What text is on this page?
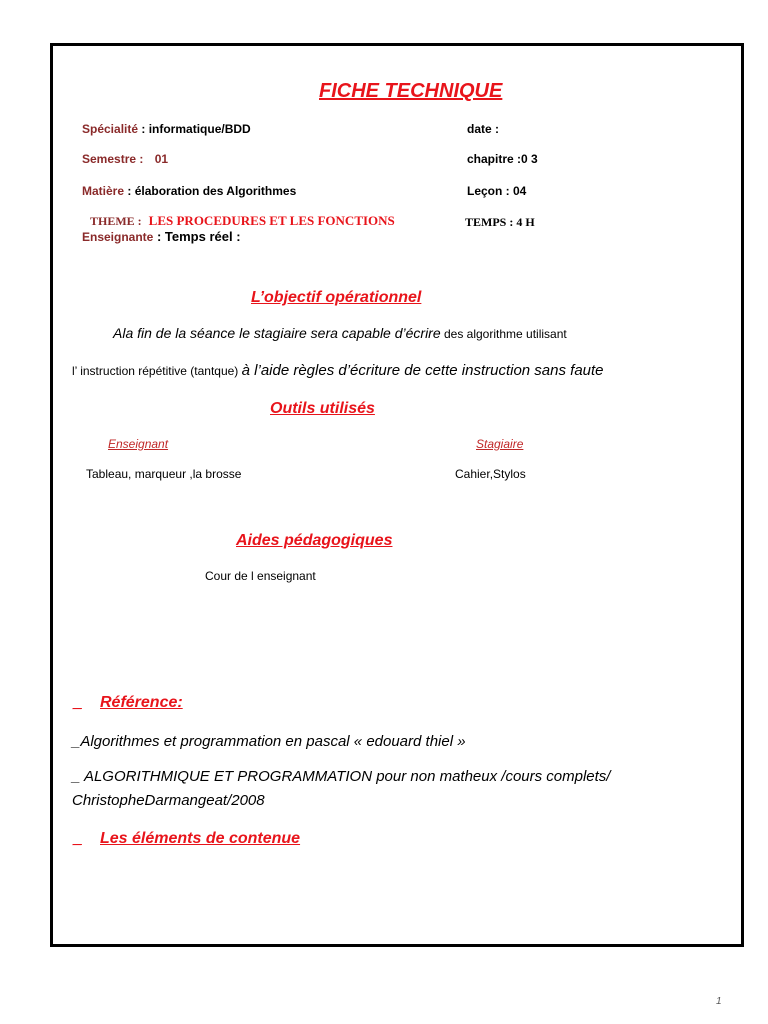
FICHE TECHNIQUE
Spécialité : informatique/BDD	date :
Semestre : 01	chapitre :0 3
Matière : élaboration des Algorithmes	Leçon : 04
THEME : LES PROCEDURES ET LES FONCTIONS	TEMPS : 4 H
Enseignante : Temps réel :
L’objectif opérationnel
Ala fin de la séance le stagiaire sera capable d’écrire des algorithme utilisant
l’ instruction répétitive (tantque) à l’aide règles d’écriture de cette instruction sans faute
Outils utilisés
Enseignant	Stagiaire
Tableau, marqueur ,la brosse	Cahier,Stylos
Aides pédagogiques
Cour de l enseignant
_ Référence:
_Algorithmes et programmation en pascal « edouard thiel »
_ ALGORITHMIQUE ET PROGRAMMATION pour non matheux /cours complets/
ChristopheDarmangeat/2008
_ Les éléments de contenue
1
